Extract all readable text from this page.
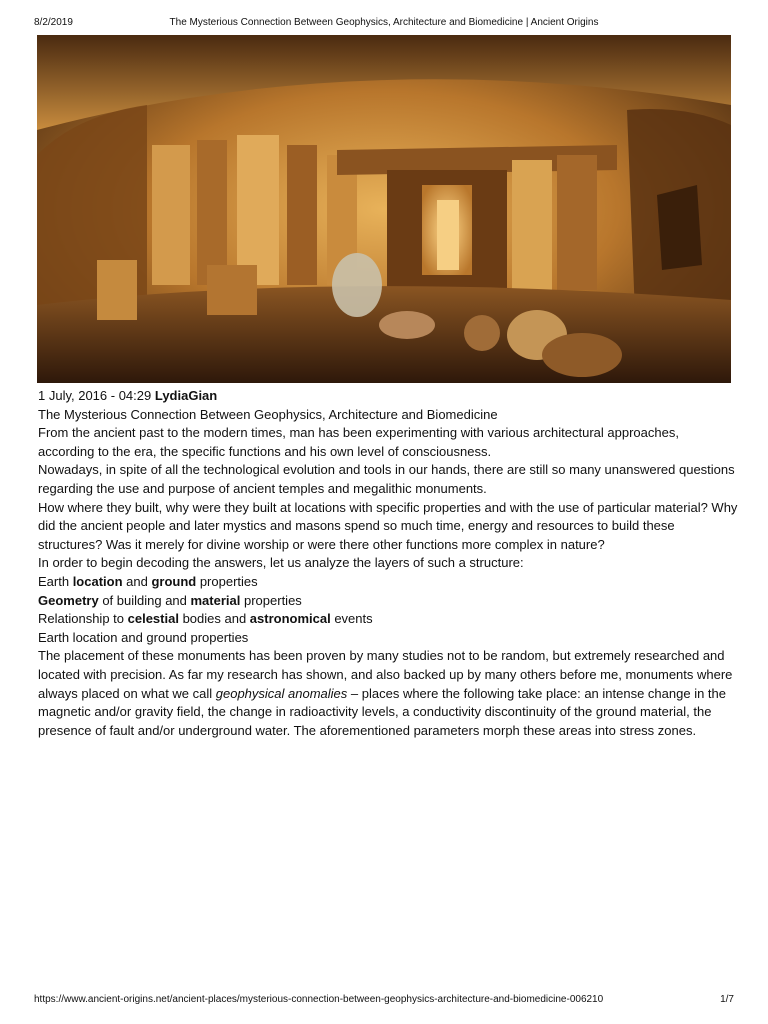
8/2/2019	The Mysterious Connection Between Geophysics, Architecture and Biomedicine | Ancient Origins

1 July, 2016 - 04:29 LydiaGian

The Mysterious Connection Between Geophysics, Architecture and Biomedicine

From the ancient past to the modern times, man has been experimenting with various architectural approaches, according to the era, the specific functions and his own level of consciousness.

Nowadays, in spite of all the technological evolution and tools in our hands, there are still so many unanswered questions regarding the use and purpose of ancient temples and megalithic monuments.

How where they built, why were they built at locations with specific properties and with the use of particular material? Why did the ancient people and later mystics and masons spend so much time, energy and resources to build these structures? Was it merely for divine worship or were there other functions more complex in nature?

In order to begin decoding the answers, let us analyze the layers of such a structure:

Earth location and ground properties

Geometry of building and material properties

Relationship to celestial bodies and astronomical events

Earth location and ground properties

The placement of these monuments has been proven by many studies not to be random, but extremely researched and located with precision. As far my research has shown, and also backed up by many others before me, monuments where always placed on what we call geophysical anomalies – places where the following take place: an intense change in the magnetic and/or gravity field, the change in radioactivity levels, a conductivity discontinuity of the ground material, the presence of fault and/or underground water. The aforementioned parameters morph these areas into stress zones.

https://www.ancient-origins.net/ancient-places/mysterious-connection-between-geophysics-architecture-and-biomedicine-006210	1/7
